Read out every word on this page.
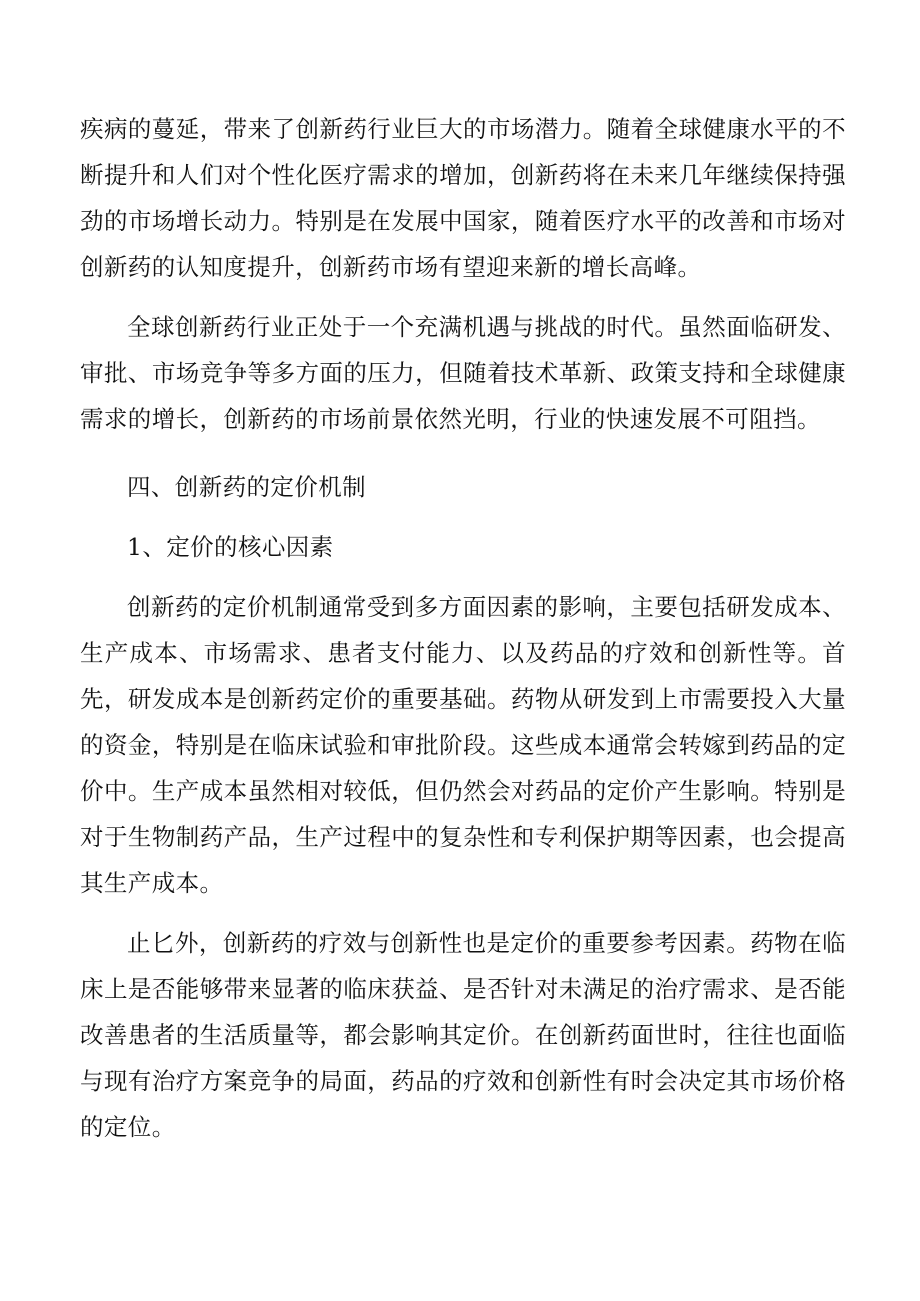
疾病的蔓延，带来了创新药行业巨大的市场潜力。随着全球健康水平的不断提升和人们对个性化医疗需求的增加，创新药将在未来几年继续保持强劲的市场增长动力。特别是在发展中国家，随着医疗水平的改善和市场对创新药的认知度提升，创新药市场有望迎来新的增长高峰。

全球创新药行业正处于一个充满机遇与挑战的时代。虽然面临研发、审批、市场竞争等多方面的压力，但随着技术革新、政策支持和全球健康需求的增长，创新药的市场前景依然光明，行业的快速发展不可阻挡。

四、创新药的定价机制

1、定价的核心因素

创新药的定价机制通常受到多方面因素的影响，主要包括研发成本、生产成本、市场需求、患者支付能力、以及药品的疗效和创新性等。首先，研发成本是创新药定价的重要基础。药物从研发到上市需要投入大量的资金，特别是在临床试验和审批阶段。这些成本通常会转嫁到药品的定价中。生产成本虽然相对较低，但仍然会对药品的定价产生影响。特别是对于生物制药产品，生产过程中的复杂性和专利保护期等因素，也会提高其生产成本。

止匕外，创新药的疗效与创新性也是定价的重要参考因素。药物在临床上是否能够带来显著的临床获益、是否针对未满足的治疗需求、是否能改善患者的生活质量等，都会影响其定价。在创新药面世时，往往也面临与现有治疗方案竞争的局面，药品的疗效和创新性有时会决定其市场价格的定位。
